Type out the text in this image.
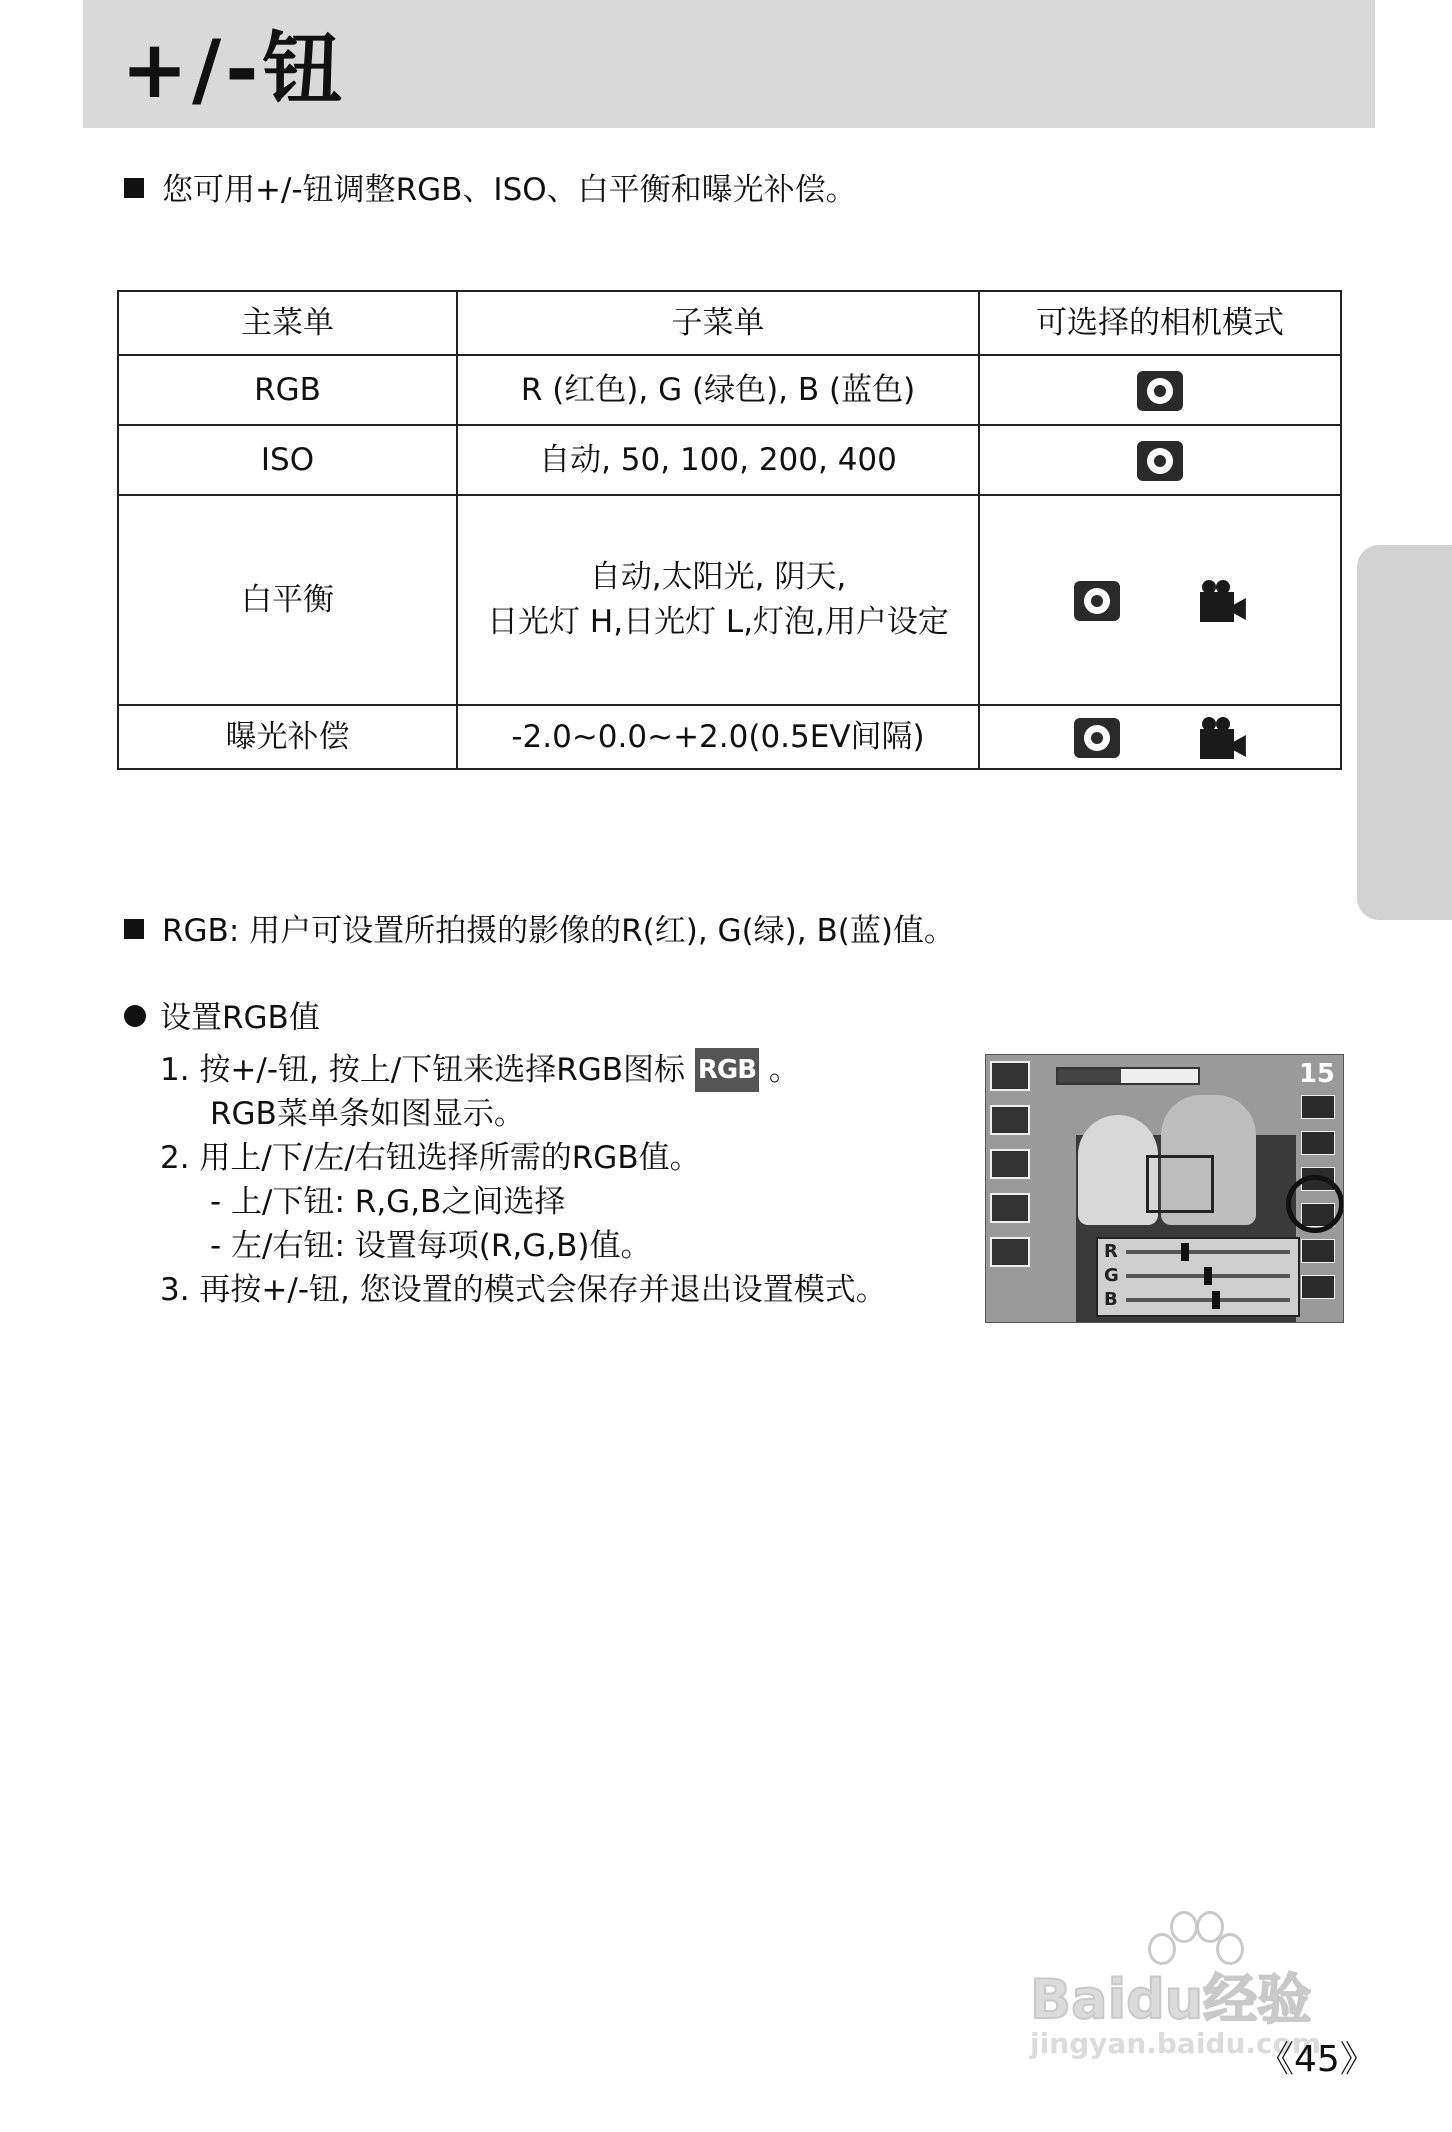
+/-钮
您可用+/-钮调整RGB、ISO、白平衡和曝光补偿。
主菜单	子菜单	可选择的相机模式
RGB	R (红色), G (绿色), B (蓝色)	
ISO	自动, 50, 100, 200, 400	
白平衡	自动,太阳光, 阴天,
日光灯 H,日光灯 L,灯泡,用户设定	

曝光补偿	-2.0~0.0~+2.0(0.5EV间隔)	
RGB: 用户可设置所拍摄的影像的R(红), G(绿), B(蓝)值。
设置RGB值
1. 按+/-钮, 按上/下钮来选择RGB图标 RGB 。
RGB菜单条如图显示。
2. 用上/下/左/右钮选择所需的RGB值。
- 上/下钮: R,G,B之间选择
- 左/右钮: 设置每项(R,G,B)值。
3. 再按+/-钮, 您设置的模式会保存并退出设置模式。
15
R
G
B
Baidu经验
jingyan.baidu.com
《45》
